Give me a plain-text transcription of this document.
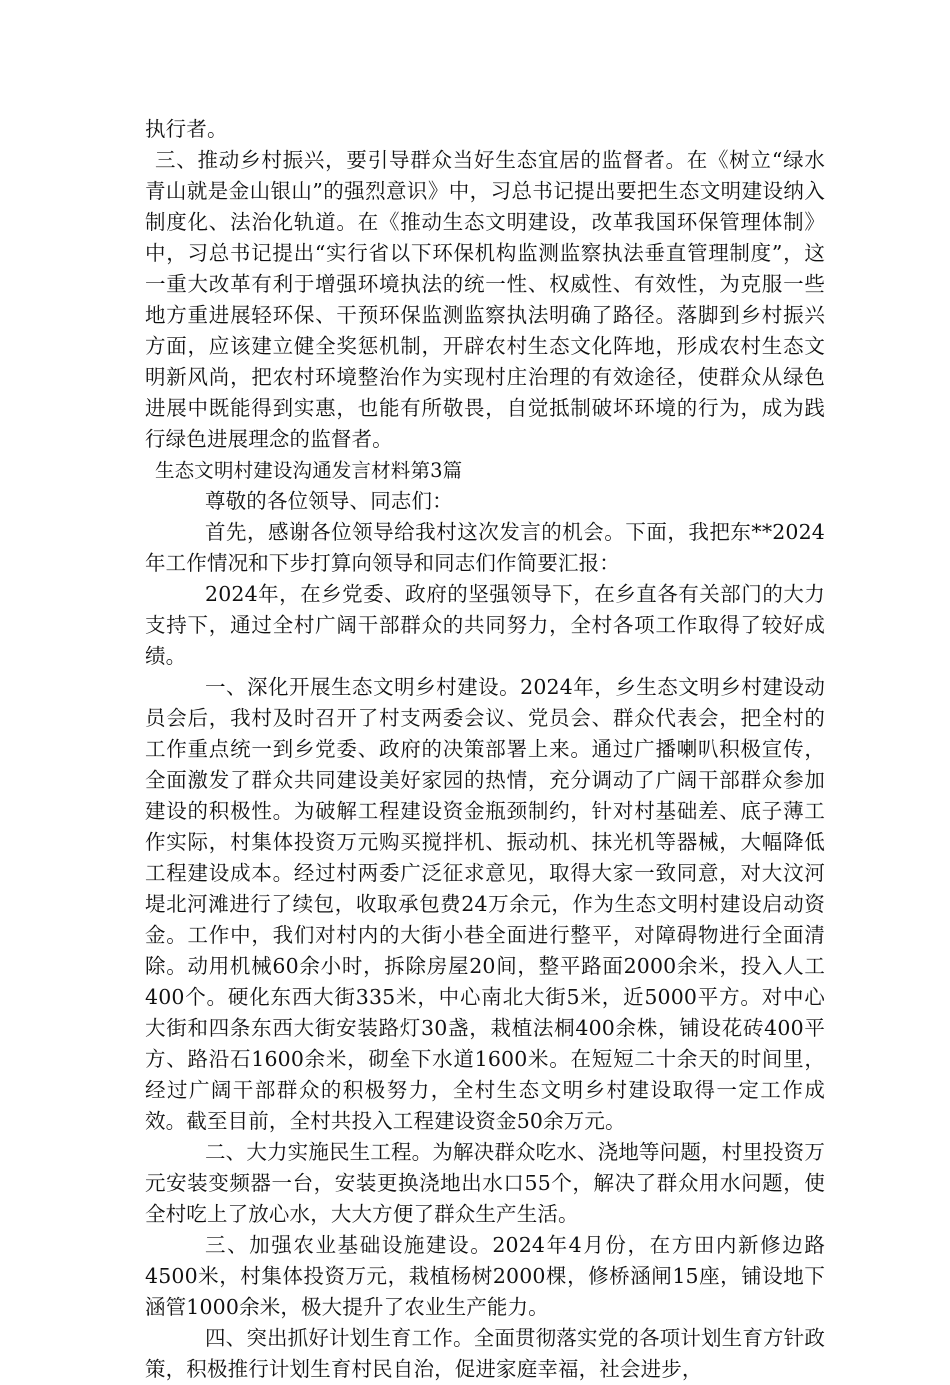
执行者。

三、推动乡村振兴，要引导群众当好生态宜居的监督者。在《树立“绿水青山就是金山银山”的强烈意识》中，习总书记提出要把生态文明建设纳入制度化、法治化轨道。在《推动生态文明建设，改革我国环保管理体制》中，习总书记提出“实行省以下环保机构监测监察执法垂直管理制度”，这一重大改革有利于增强环境执法的统一性、权威性、有效性，为克服一些地方重进展轻环保、干预环保监测监察执法明确了路径。落脚到乡村振兴方面，应该建立健全奖惩机制，开辟农村生态文化阵地，形成农村生态文明新风尚，把农村环境整治作为实现村庄治理的有效途径，使群众从绿色进展中既能得到实惠，也能有所敬畏，自觉抵制破坏环境的行为，成为践行绿色进展理念的监督者。

生态文明村建设沟通发言材料第3篇

尊敬的各位领导、同志们：

首先，感谢各位领导给我村这次发言的机会。下面，我把东**2024年工作情况和下步打算向领导和同志们作简要汇报：

2024年，在乡党委、政府的坚强领导下，在乡直各有关部门的大力支持下，通过全村广阔干部群众的共同努力，全村各项工作取得了较好成绩。

一、深化开展生态文明乡村建设。2024年，乡生态文明乡村建设动员会后，我村及时召开了村支两委会议、党员会、群众代表会，把全村的工作重点统一到乡党委、政府的决策部署上来。通过广播喇叭积极宣传，全面激发了群众共同建设美好家园的热情，充分调动了广阔干部群众参加建设的积极性。为破解工程建设资金瓶颈制约，针对村基础差、底子薄工作实际，村集体投资万元购买搅拌机、振动机、抹光机等器械，大幅降低工程建设成本。经过村两委广泛征求意见，取得大家一致同意，对大汶河堤北河滩进行了续包，收取承包费24万余元，作为生态文明村建设启动资金。工作中，我们对村内的大街小巷全面进行整平，对障碍物进行全面清除。动用机械60余小时，拆除房屋20间，整平路面2000余米，投入人工400个。硬化东西大街335米，中心南北大街5米，近5000平方。对中心大街和四条东西大街安装路灯30盏，栽植法桐400余株，铺设花砖400平方、路沿石1600余米，砌垒下水道1600米。在短短二十余天的时间里，经过广阔干部群众的积极努力，全村生态文明乡村建设取得一定工作成效。截至目前，全村共投入工程建设资金50余万元。

二、大力实施民生工程。为解决群众吃水、浇地等问题，村里投资万元安装变频器一台，安装更换浇地出水口55个，解决了群众用水问题，使全村吃上了放心水，大大方便了群众生产生活。

三、加强农业基础设施建设。2024年4月份，在方田内新修边路4500米，村集体投资万元，栽植杨树2000棵，修桥涵闸15座，铺设地下涵管1000余米，极大提升了农业生产能力。

四、突出抓好计划生育工作。全面贯彻落实党的各项计划生育方针政策，积极推行计划生育村民自治，促进家庭幸福，社会进步，
